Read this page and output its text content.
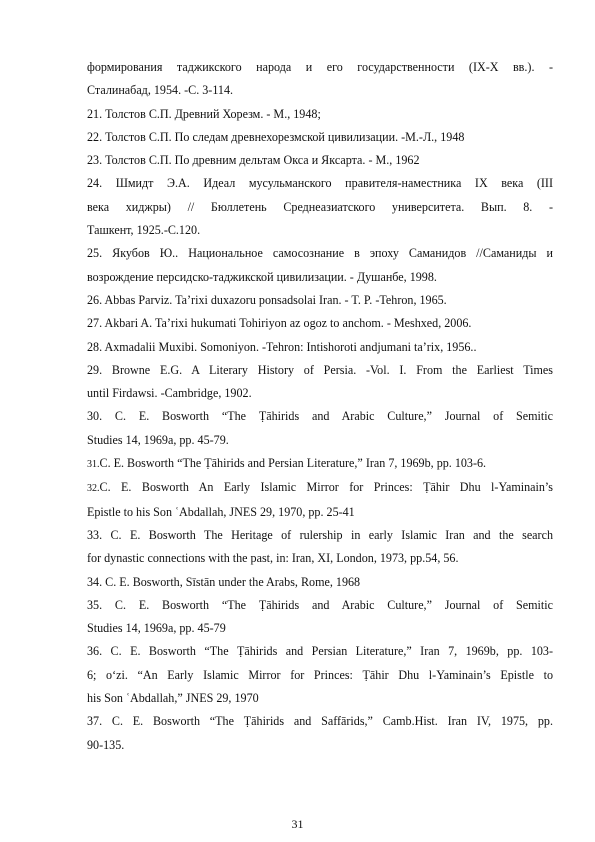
формирования таджикского народа и его государственности (IX-X вв.). -
Сталинабад, 1954. -С. 3-114.
21. Толстов С.П. Древний Хорезм. - М., 1948;
22. Толстов С.П. По следам древнехорезмской цивилизации. -М.-Л., 1948
23. Толстов С.П. По древним дельтам Окса и Яксарта. - М., 1962
24. Шмидт Э.А. Идеал мусульманского правителя-наместника IX века (III
века хиджры) // Бюллетень Среднеазиатского университета. Вып. 8. -
Ташкент, 1925.-С.120.
25. Якубов Ю.. Национальное самосознание в эпоху Саманидов //Саманиды и
возрождение персидско-таджикской цивилизации. - Душанбе, 1998.
26. Abbas Parviz. Ta’rixi duxazoru ponsadsolai Iran. - T. P. -Tehron, 1965.
27. Akbari A. Ta’rixi hukumati Tohiriyon az ogoz to anchom. - Meshxed, 2006.
28. Axmadalii Muxibi. Somoniyon. -Tehron: Intishoroti andjumani ta’rix, 1956..
29. Browne E.G. A Literary History of Persia. -Vol. I. From the Earliest Times
until Firdawsi. -Cambridge, 1902.
30. C. E. Bosworth “The Ṭāhirids and Arabic Culture,” Journal of Semitic
Studies 14, 1969a, pp. 45-79.
31.C. E. Bosworth “The Ṭāhirids and Persian Literature,” Iran 7, 1969b, pp. 103-6.
32.C. E. Bosworth An Early Islamic Mirror for Princes: Ṭāhir Dhu l-Yaminain’s
Epistle to his Son ʿAbdallah, JNES 29, 1970, pp. 25-41
33. C. E. Bosworth The Heritage of rulership in early Islamic Iran and the search
for dynastic connections with the past, in: Iran, XI, London, 1973, pp.54, 56.
34. C. E. Bosworth, Sīstān under the Arabs, Rome, 1968
35. C. E. Bosworth “The Ṭāhirids and Arabic Culture,” Journal of Semitic
Studies 14, 1969a, pp. 45-79
36. C. E. Bosworth “The Ṭāhirids and Persian Literature,” Iran 7, 1969b, pp. 103-
6; oʻzi. “An Early Islamic Mirror for Princes: Ṭāhir Dhu l-Yaminain’s Epistle to
his Son ʿAbdallah,” JNES 29, 1970
37. C. E. Bosworth “The Ṭāhirids and Saffārids,” Camb.Hist. Iran IV, 1975, pp.
90-135.
31
